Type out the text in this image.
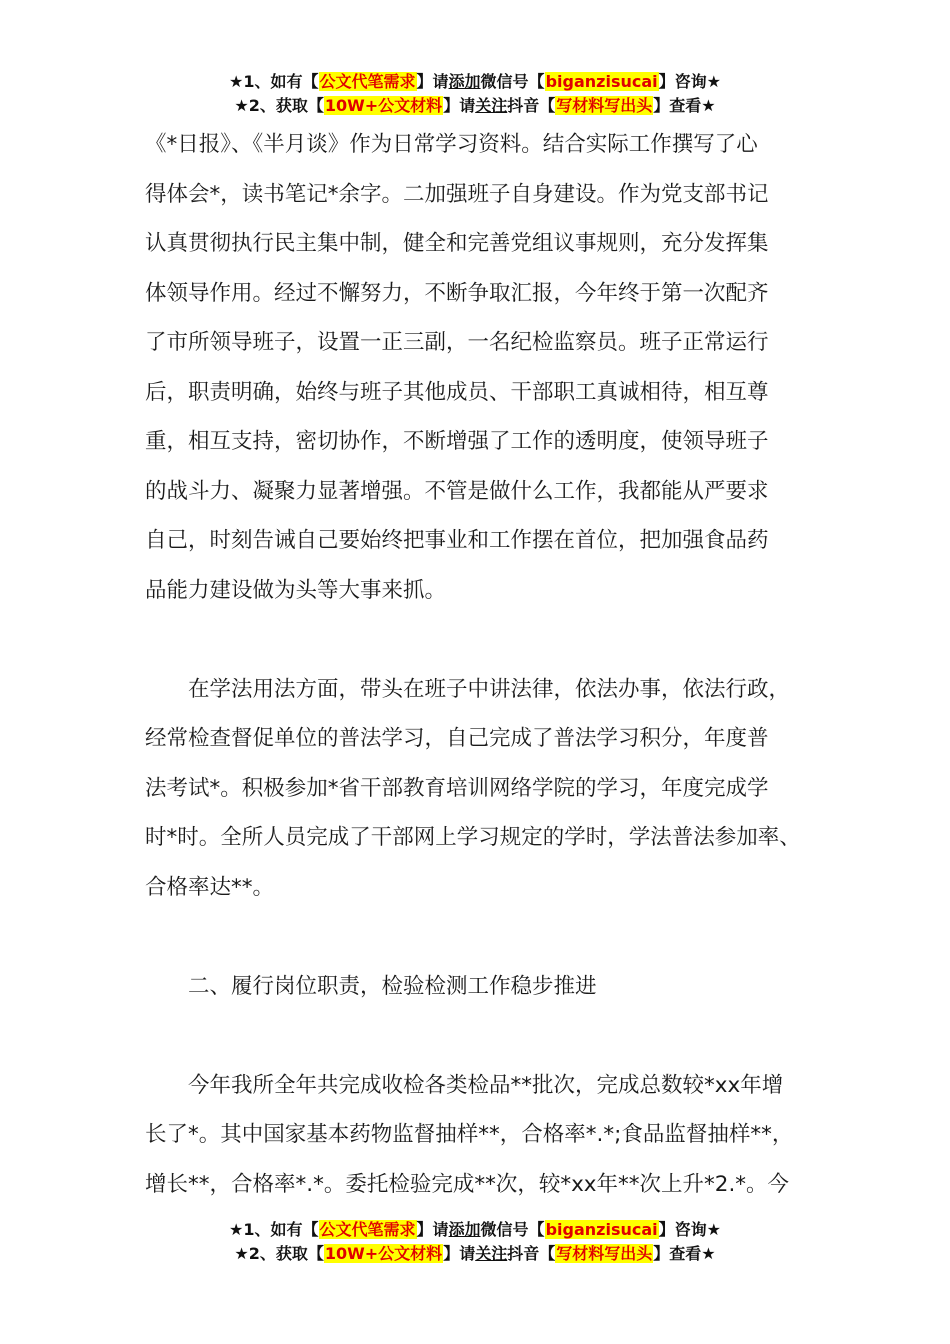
★1、如有【公文代笔需求】请添加微信号【biganzisucai】咨询★
★2、获取【10W+公文材料】请关注抖音【写材料写出头】查看★

《*日报》、《半月谈》作为日常学习资料。结合实际工作撰写了心
得体会*，读书笔记*余字。二加强班子自身建设。作为党支部书记
认真贯彻执行民主集中制，健全和完善党组议事规则，充分发挥集
体领导作用。经过不懈努力，不断争取汇报，今年终于第一次配齐
了市所领导班子，设置一正三副，一名纪检监察员。班子正常运行
后，职责明确，始终与班子其他成员、干部职工真诚相待，相互尊
重，相互支持，密切协作，不断增强了工作的透明度，使领导班子
的战斗力、凝聚力显著增强。不管是做什么工作，我都能从严要求
自己，时刻告诫自己要始终把事业和工作摆在首位，把加强食品药
品能力建设做为头等大事来抓。

在学法用法方面，带头在班子中讲法律，依法办事，依法行政，
经常检查督促单位的普法学习，自己完成了普法学习积分，年度普
法考试*。积极参加*省干部教育培训网络学院的学习，年度完成学
时*时。全所人员完成了干部网上学习规定的学时，学法普法参加率、
合格率达**。

二、履行岗位职责，检验检测工作稳步推进

今年我所全年共完成收检各类检品**批次，完成总数较*xx年增
长了*。其中国家基本药物监督抽样**，合格率*.*;食品监督抽样**，
增长**，合格率*.*。委托检验完成**次，较*xx年**次上升*2.*。今

★1、如有【公文代笔需求】请添加微信号【biganzisucai】咨询★
★2、获取【10W+公文材料】请关注抖音【写材料写出头】查看★
